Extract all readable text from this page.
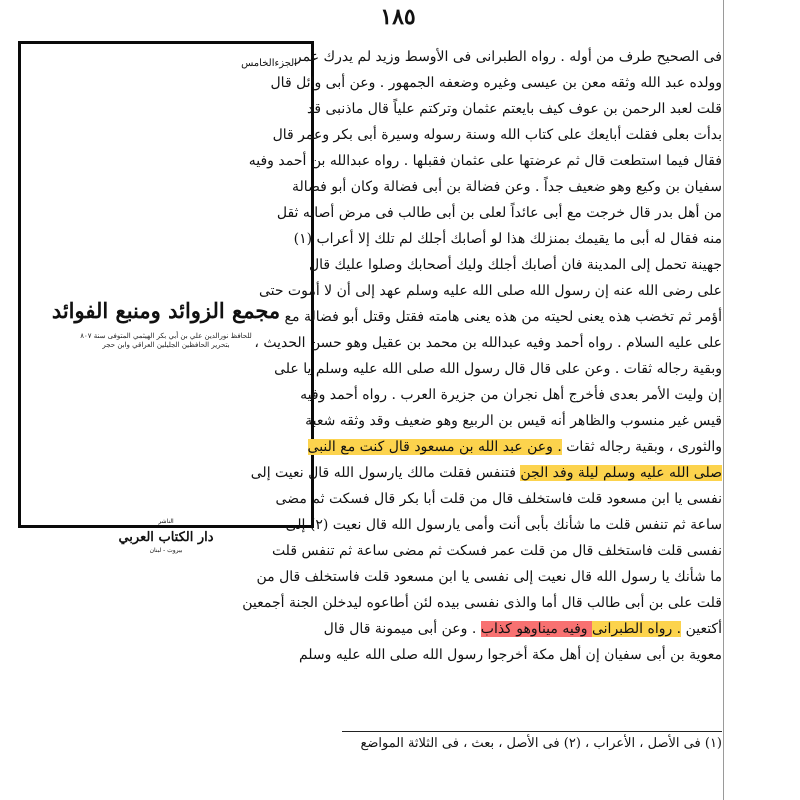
الجزءالخامس
مجمع الزوائد ومنبع الفوائد
للحافظ نورالدين علي بن أبي بكر الهيثمي المتوفى سنة ٨٠٧
بتحرير الحافظين الجليلين العراقي وابن حجر
الناشر
دار الكتاب العربي
بيروت - لبنان
١٨٥
فى الصحيح طرف من أوله . رواه الطبرانى فى الأوسط وزيد لم يدرك عمر
وولده عبد الله وثقه معن بن عيسى وغيره وضعفه الجمهور . وعن أبى وائل قال
قلت لعبد الرحمن بن عوف كيف بايعتم عثمان وتركتم علياً قال ماذنبى قد
بدأت بعلى فقلت أبايعك على كتاب الله وسنة رسوله وسيرة أبى بكر وعمر قال
فقال فيما استطعت قال ثم عرضتها على عثمان فقبلها . رواه عبدالله بن أحمد وفيه
سفيان بن وكيع وهو ضعيف جداً . وعن فضالة بن أبى فضالة وكان أبو فضالة
من أهل بدر قال خرجت مع أبى عائداً لعلى بن أبى طالب فى مرض أصابه ثقل
منه فقال له أبى ما يقيمك بمنزلك هذا لو أصابك أجلك لم تلك إلا أعراب (١)
جهينة تحمل إلى المدينة فان أصابك أجلك وليك أصحابك وصلوا عليك قال
على رضى الله عنه إن رسول الله صلى الله عليه وسلم عهد إلى أن لا أموت حتى
أؤمر ثم تخضب هذه يعنى لحيته من هذه يعنى هامته فقتل وقتل أبو فضالة مع
على عليه السلام . رواه أحمد وفيه عبدالله بن محمد بن عقيل وهو حسن الحديث ،
وبقية رجاله ثقات . وعن على قال قال رسول الله صلى الله عليه وسلم يا على
إن وليت الأمر بعدى فأخرج أهل نجران من جزيرة العرب . رواه أحمد وفيه
قيس غير منسوب والظاهر أنه قيس بن الربيع وهو ضعيف وقد وثقه شعبة
والثورى ، وبقية رجاله ثقات . وعن عبد الله بن مسعود قال كنت مع النبى
صلى الله عليه وسلم ليلة وفد الجن فتنفس فقلت مالك يارسول الله قال نعيت إلى
نفسى يا ابن مسعود قلت فاستخلف قال من قلت أبا بكر قال فسكت ثم مضى
ساعة ثم تنفس قلت ما شأنك بأبى أنت وأمى يارسول الله قال نعيت (٢) إلى
نفسى قلت فاستخلف قال من قلت عمر فسكت ثم مضى ساعة ثم تنفس قلت
ما شأنك يا رسول الله قال نعيت إلى نفسى يا ابن مسعود قلت فاستخلف قال من
قلت على بن أبى طالب قال أما والذى نفسى بيده لئن أطاعوه ليدخلن الجنة أجمعين
أكتعين . رواه الطبرانى وفيه ميناوهو كذاب . وعن أبى ميمونة قال قال
معوية بن أبى سفيان إن أهل مكة أخرجوا رسول الله صلى الله عليه وسلم
(١) فى الأصل ، الأعراب ، (٢) فى الأصل ، بعث ، فى الثلاثة المواضع
